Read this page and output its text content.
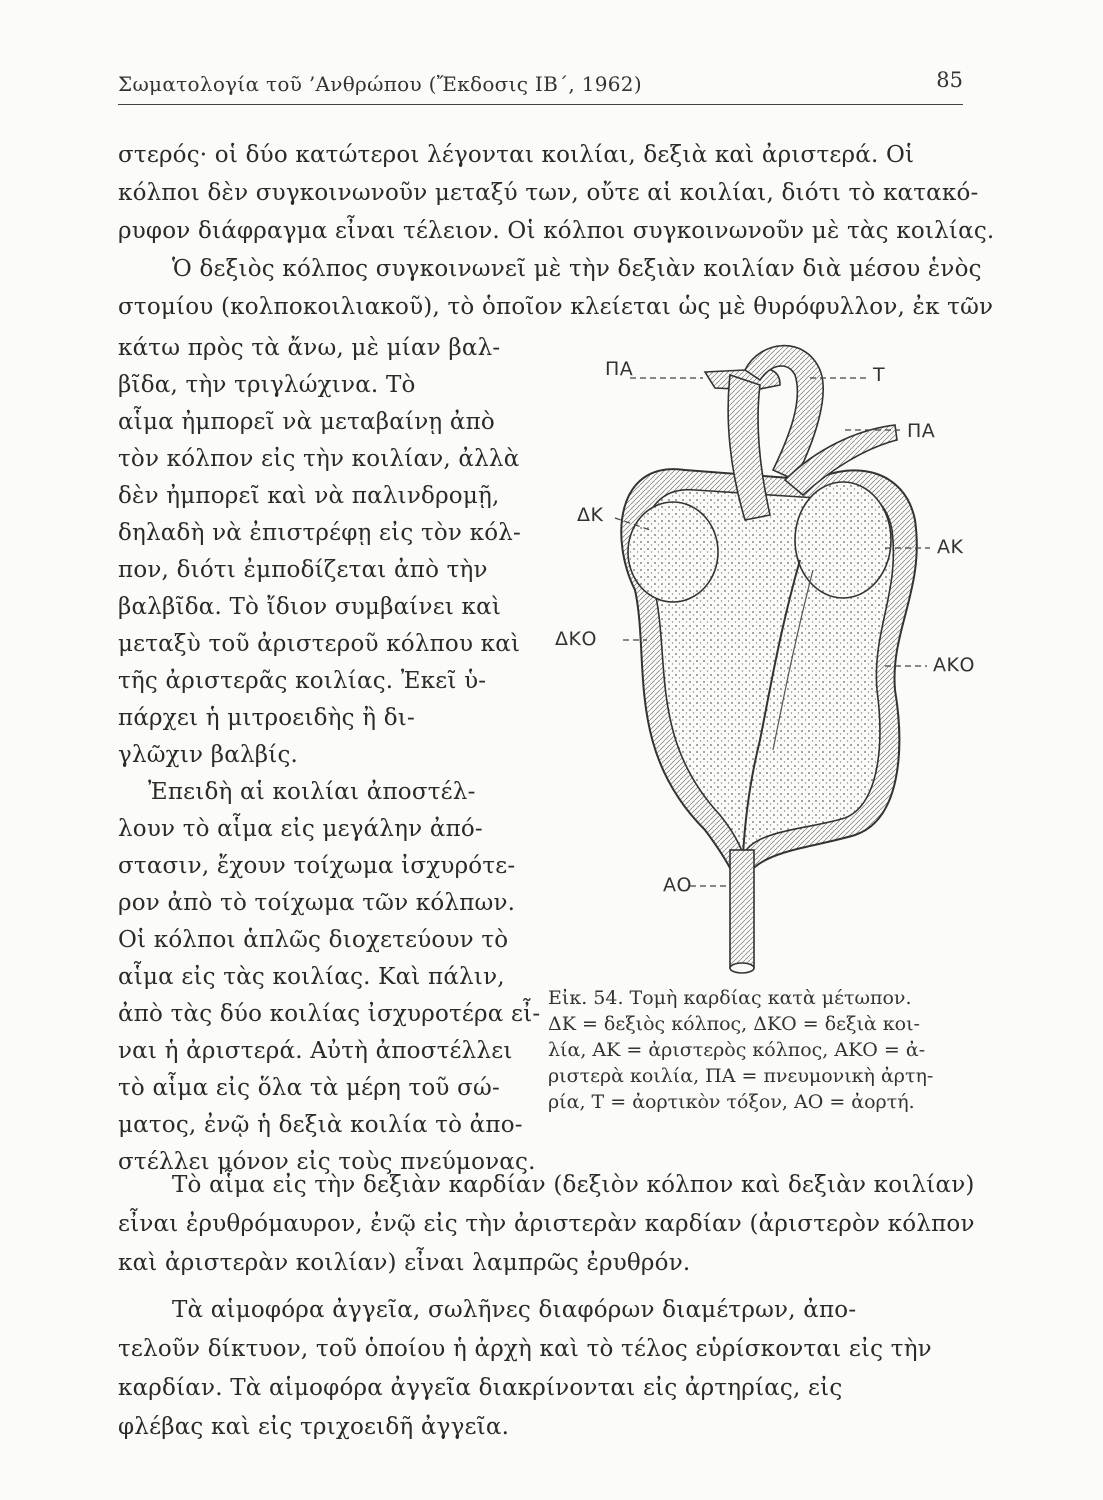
Σωματολογία τοῦ ’Ανθρώπου (Ἔκδοσις ΙΒ΄, 1962)	85
στερός· οἱ δύο κατώτεροι λέγονται κοιλίαι, δεξιὰ καὶ ἀριστερά. Οἱ
κόλποι δὲν συγκοινωνοῦν μεταξύ των, οὔτε αἱ κοιλίαι, διότι τὸ κατακό-
ρυφον διάφραγμα εἶναι τέλειον. Οἱ κόλποι συγκοινωνοῦν μὲ τὰς κοιλίας.
Ὁ δεξιὸς κόλπος συγκοινωνεῖ μὲ τὴν δεξιὰν κοιλίαν διὰ μέσου ἑνὸς
στομίου (κολποκοιλιακοῦ), τὸ ὁποῖον κλείεται ὡς μὲ θυρόφυλλον, ἐκ τῶν
κάτω πρὸς τὰ ἄνω, μὲ μίαν βαλ-
βῖδα, τὴν τριγλώχινα. Τὸ
αἷμα ἠμπορεῖ νὰ μεταβαίνῃ ἀπὸ
τὸν κόλπον εἰς τὴν κοιλίαν, ἀλλὰ
δὲν ἠμπορεῖ καὶ νὰ παλινδρομῇ,
δηλαδὴ νὰ ἐπιστρέφῃ εἰς τὸν κόλ-
πον, διότι ἐμποδίζεται ἀπὸ τὴν
βαλβῖδα. Τὸ ἴδιον συμβαίνει καὶ
μεταξὺ τοῦ ἀριστεροῦ κόλπου καὶ
τῆς ἀριστερᾶς κοιλίας. Ἐκεῖ ὑ-
πάρχει ἡ μιτροειδὴς ἢ δι-
γλῶχιν βαλβίς.
Ἐπειδὴ αἱ κοιλίαι ἀποστέλ-
λουν τὸ αἷμα εἰς μεγάλην ἀπό-
στασιν, ἔχουν τοίχωμα ἰσχυρότε-
ρον ἀπὸ τὸ τοίχωμα τῶν κόλπων.
Οἱ κόλποι ἁπλῶς διοχετεύουν τὸ
αἷμα εἰς τὰς κοιλίας. Καὶ πάλιν,
ἀπὸ τὰς δύο κοιλίας ἰσχυροτέρα εἶ-
ναι ἡ ἀριστερά. Αὐτὴ ἀποστέλλει
τὸ αἷμα εἰς ὅλα τὰ μέρη τοῦ σώ-
ματος, ἐνῷ ἡ δεξιὰ κοιλία τὸ ἀπο-
στέλλει μόνον εἰς τοὺς πνεύμονας.
ΠΑ	Τ
ΠΑ
ΔΚ
ΑΚ
ΔΚΟ
ΑΚΟ
ΑΟ
Εἰκ. 54. Τομὴ καρδίας κατὰ μέτωπον.
ΔΚ = δεξιὸς κόλπος, ΔΚΟ = δεξιὰ κοι-
λία, ΑΚ = ἀριστερὸς κόλπος, ΑΚΟ = ἀ-
ριστερὰ κοιλία, ΠΑ = πνευμονικὴ ἀρτη-
ρία, Τ = ἀορτικὸν τόξον, ΑΟ = ἀορτή.
Τὸ αἷμα εἰς τὴν δεξιὰν καρδίαν (δεξιὸν κόλπον καὶ δεξιὰν κοιλίαν)
εἶναι ἐρυθρόμαυρον, ἐνῷ εἰς τὴν ἀριστερὰν καρδίαν (ἀριστερὸν κόλπον
καὶ ἀριστερὰν κοιλίαν) εἶναι λαμπρῶς ἐρυθρόν.
Τὰ αἱμοφόρα ἀγγεῖα, σωλῆνες διαφόρων διαμέτρων, ἀπο-
τελοῦν δίκτυον, τοῦ ὁποίου ἡ ἀρχὴ καὶ τὸ τέλος εὑρίσκονται εἰς τὴν
καρδίαν. Τὰ αἱμοφόρα ἀγγεῖα διακρίνονται εἰς ἀρτηρίας, εἰς
φλέβας καὶ εἰς τριχοειδῆ ἀγγεῖα.
